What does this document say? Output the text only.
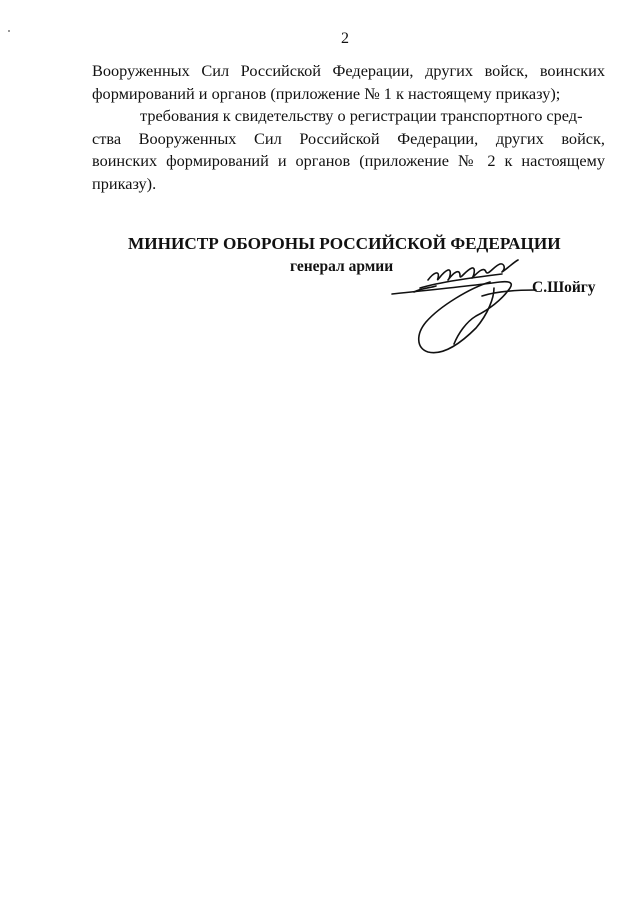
2
Вооруженных Сил Российской Федерации, других войск, воинских
формирований и органов (приложение № 1 к настоящему приказу);
требования к свидетельству о регистрации транспортного сред-
ства Вооруженных Сил Российской Федерации, других войск,
воинских формирований и органов (приложение № 2 к настоящему
приказу).
МИНИСТР ОБОРОНЫ РОССИЙСКОЙ ФЕДЕРАЦИИ
генерал армии
С.Шойгу
